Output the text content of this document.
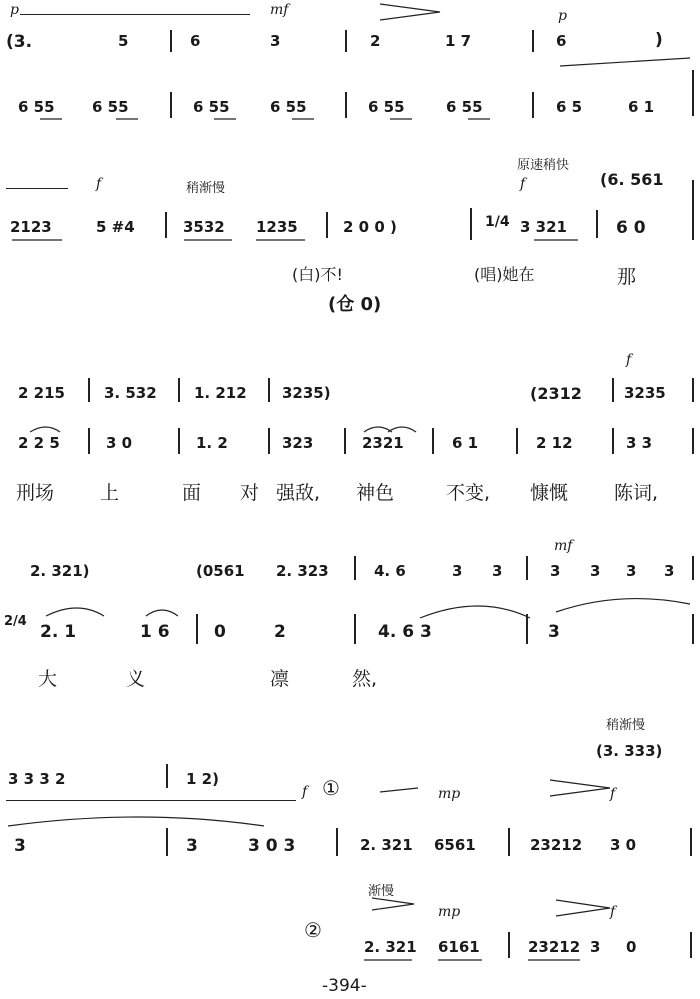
p	mf	p
(3.	5	6	3	2	1 7	6	)
6 55 6 55	6 55	6 55	6 55	6 55	6 5	6 1
f	稍渐慢
原速稍快
f	(6. 561
2123	5 #4	3532 1235	2 0 0 )	1/4 3 321	6 0
(白)不!	(唱)她在	那
(仓 0)
f
2 215	3. 532 1. 212 3235)	(2312	3235
2 2 5	3 0	1. 2	323	2321	6 1	2 12	3 3
刑场 上	面 对 强敌, 神色	不变, 慷慨 陈词,
mf
2. 321)	(0561 2. 323	4. 6	3 3	3 3 3 3
2/4
2. 1	1 6	0	2	4. 6 3	3
大	义	凛	然,
稍渐慢
(3. 333)
3 3 3 2	1 2)
f ①	mp	f
3	3	3 0 3	2. 321 6561	23212 3 0
渐慢
mp	f
②
2. 321 6161	23212 3 0
-394-
